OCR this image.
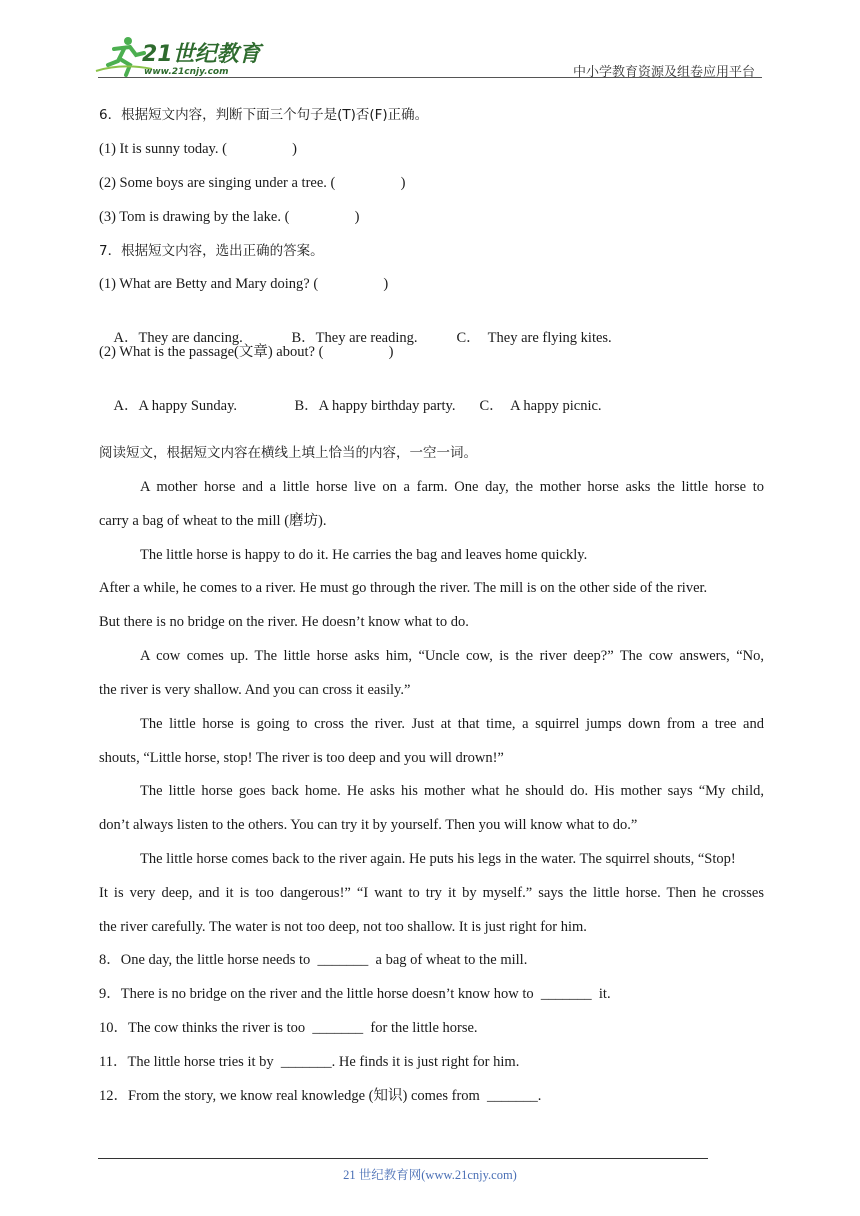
21世纪教育
www.21cnjy.com	中小学教育资源及组卷应用平台
6．根据短文内容，判断下面三个句子是(T)否(F)正确。
(1) It is sunny today. (                  )
(2) Some boys are singing under a tree. (                  )
(3) Tom is drawing by the lake. (                  )
7．根据短文内容，选出正确的答案。
(1) What are Betty and Mary doing? (                  )

A．They are dancing.	B．They are reading.	C．  They are flying kites.

(2) What is the passage(文章) about? (                  )

A．A happy Sunday.	B．A happy birthday party. C．  A happy picnic.

阅读短文，根据短文内容在横线上填上恰当的内容，一空一词。
A mother horse and a little horse live on a farm. One day, the mother horse asks the little horse to
carry a bag of wheat to the mill (磨坊).
The little horse is happy to do it. He carries the bag and leaves home quickly.
After a while, he comes to a river. He must go through the river. The mill is on the other side of the river.
But there is no bridge on the river. He doesn’t know what to do.
A cow comes up. The little horse asks him, “Uncle cow, is the river deep?” The cow answers, “No,
the river is very shallow. And you can cross it easily.”
The little horse is going to cross the river. Just at that time, a squirrel jumps down from a tree and
shouts, “Little horse, stop! The river is too deep and you will drown!”
The little horse goes back home. He asks his mother what he should do. His mother says “My child,
don’t always listen to the others. You can try it by yourself. Then you will know what to do.”
The little horse comes back to the river again. He puts his legs in the water. The squirrel shouts, “Stop!
It is very deep, and it is too dangerous!” “I want to try it by myself.” says the little horse. Then he crosses
the river carefully. The water is not too deep, not too shallow. It is just right for him.
8．One day, the little horse needs to  _______  a bag of wheat to the mill.
9．There is no bridge on the river and the little horse doesn’t know how to  _______  it.
10．The cow thinks the river is too  _______  for the little horse.
11．The little horse tries it by  _______. He finds it is just right for him.
12．From the story, we know real knowledge (知识) comes from  _______.
21 世纪教育网(www.21cnjy.com)
